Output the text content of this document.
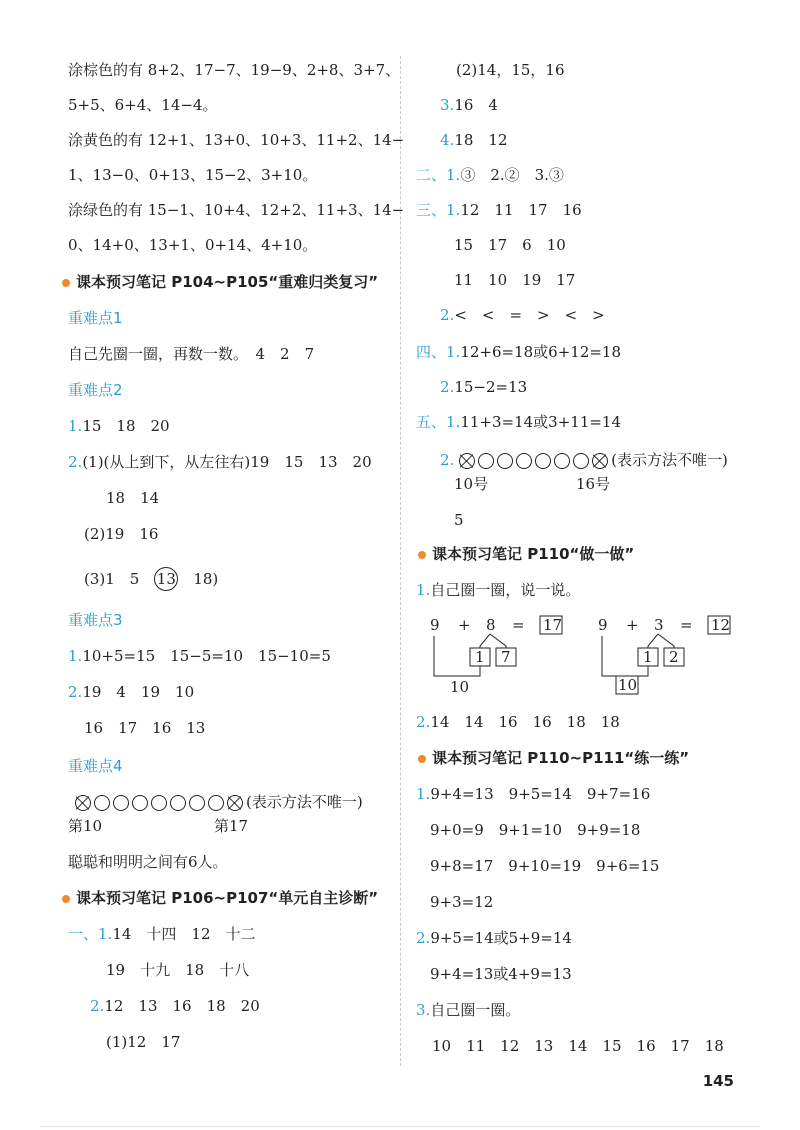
涂棕色的有 8+2、17−7、19−9、2+8、3+7、
5+5、6+4、14−4。
涂黄色的有 12+1、13+0、10+3、11+2、14−
1、13−0、0+13、15−2、3+10。
涂绿色的有 15−1、10+4、12+2、11+3、14−
0、14+0、13+1、0+14、4+10。
课本预习笔记 P104~P105“重难归类复习”
重难点1
自己先圈一圈，再数一数。　4　2　7
重难点2
1.15　18　20
2.(1)(从上到下，从左往右)19　15　13　20
18　14
(2)19　16
(3)1　5　13　18)
重难点3
1.10+5=15　15−5=10　15−10=5
2.19　4　19　10
16　17　16　13
重难点4
(表示方法不唯一)
第10	第17
聪聪和明明之间有6人。
课本预习笔记 P106~P107“单元自主诊断”
一、1.14　十四　12　十二
19　十九　18　十八
2.12　13　16　18　20
(1)12　17
(2)14，15，16
3.16　4
4.18　12
二、1.③　2.②　3.③
三、1.12　11　17　16
15　17　6　10
11　10　19　17
2.<　<　=　>　<　>
四、1.12+6=18或6+12=18
2.15−2=13
五、1.11+3=14或3+11=14
2.	(表示方法不唯一)
10号	16号
5
课本预习笔记 P110“做一做”
1.自己圈一圈，说一说。
9 + 8 = 17
1 7
10
9 + 3 = 12
1 2
10
2.14　14　16　16　18　18
课本预习笔记 P110~P111“练一练”
1.9+4=13　9+5=14　9+7=16
9+0=9　9+1=10　9+9=18
9+8=17　9+10=19　9+6=15
9+3=12
2.9+5=14或5+9=14
9+4=13或4+9=13
3.自己圈一圈。
10　11　12　13　14　15　16　17　18
145
